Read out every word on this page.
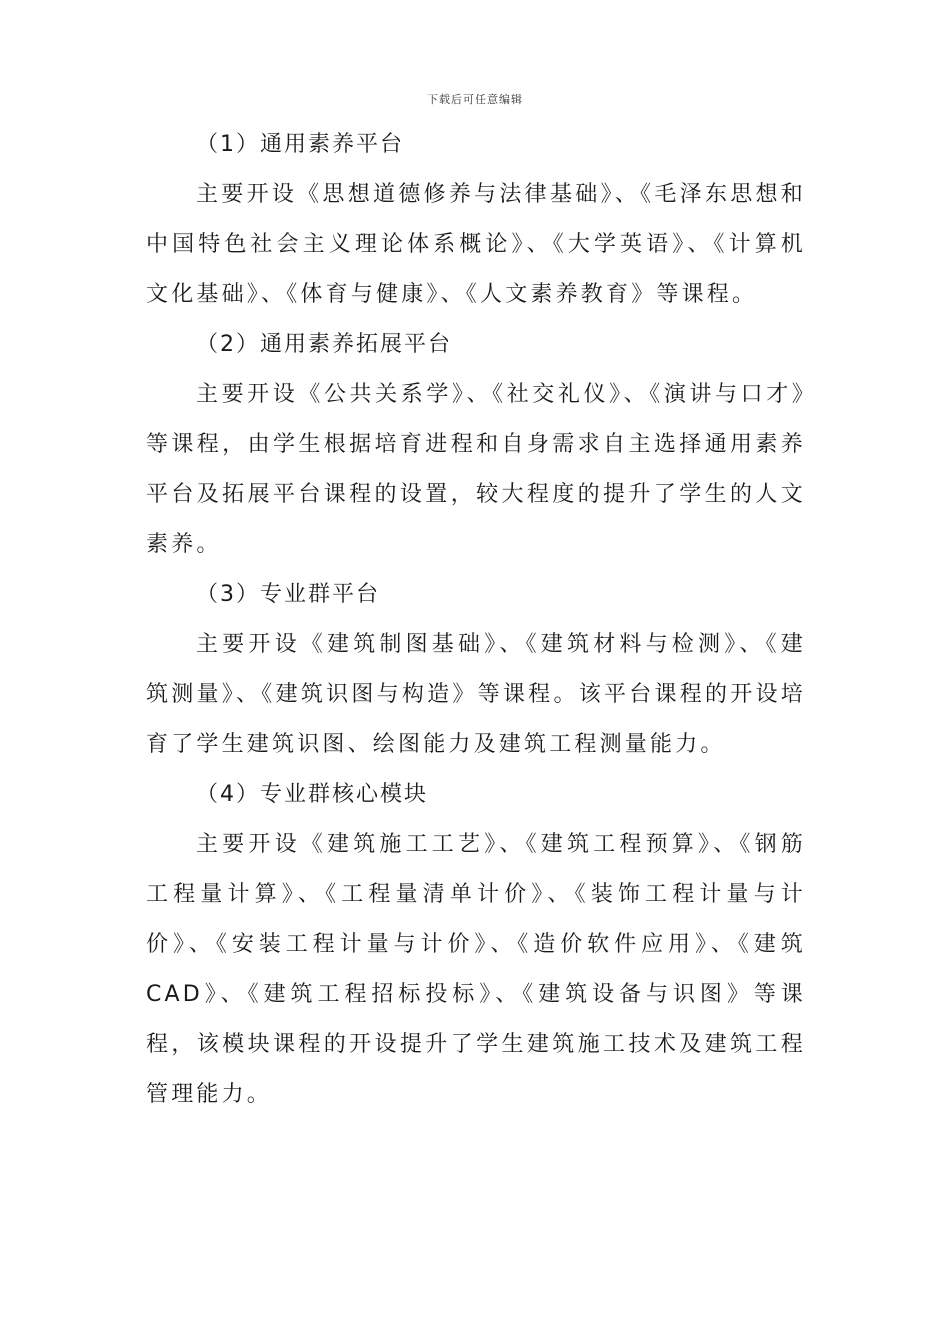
下载后可任意编辑
（1）通用素养平台

主要开设《思想道德修养与法律基础》、《毛泽东思想和中国特色社会主义理论体系概论》、《大学英语》、《计算机文化基础》、《体育与健康》、《人文素养教育》等课程。

（2）通用素养拓展平台

主要开设《公共关系学》、《社交礼仪》、《演讲与口才》等课程，由学生根据培育进程和自身需求自主选择通用素养平台及拓展平台课程的设置，较大程度的提升了学生的人文素养。

（3）专业群平台

主要开设《建筑制图基础》、《建筑材料与检测》、《建筑测量》、《建筑识图与构造》等课程。该平台课程的开设培育了学生建筑识图、绘图能力及建筑工程测量能力。

（4）专业群核心模块

主要开设《建筑施工工艺》、《建筑工程预算》、《钢筋工程量计算》、《工程量清单计价》、《装饰工程计量与计价》、《安装工程计量与计价》、《造价软件应用》、《建筑CAD》、《建筑工程招标投标》、《建筑设备与识图》等课程，该模块课程的开设提升了学生建筑施工技术及建筑工程管理能力。
